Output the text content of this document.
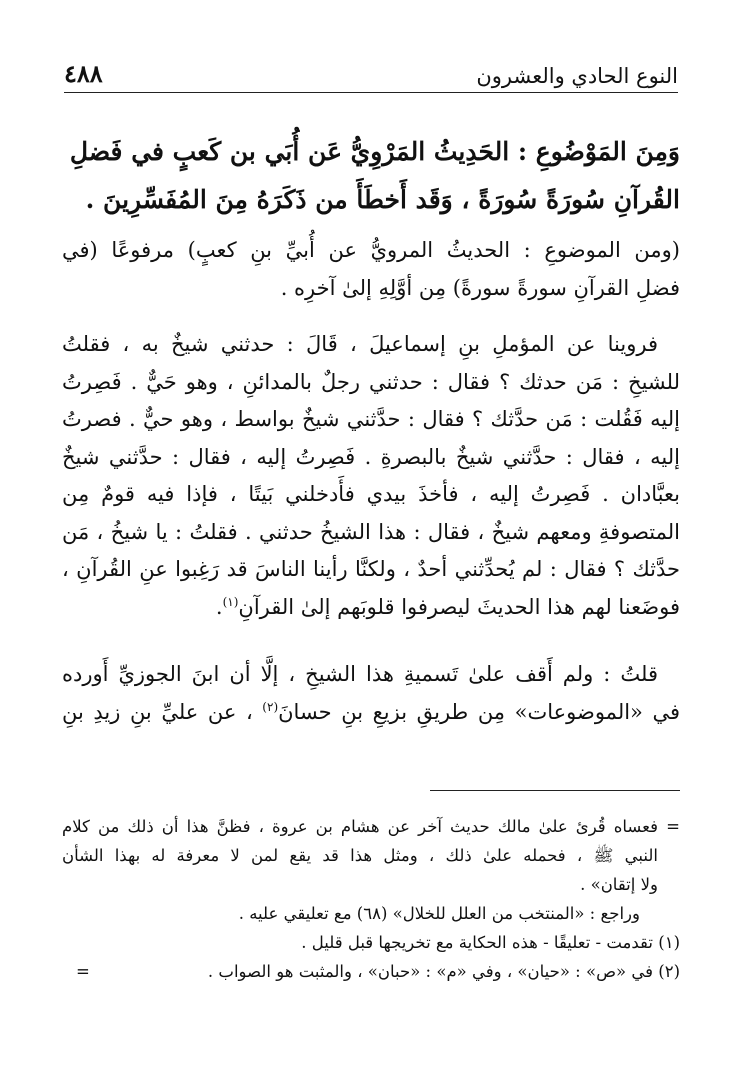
النوع الحادي والعشرون
٤٨٨
وَمِنَ المَوْضُوعِ : الحَدِيثُ المَرْوِيُّ عَن أُبَي بن كَعبٍ في فَضلِ
القُرآنِ سُورَةً سُورَةً ، وَقَد أَخطَأَ من ذَكَرَهُ مِنَ المُفَسِّرِينَ .
(ومن الموضوعِ : الحديثُ المرويُّ عن أُبيِّ بنِ كعبٍ) مرفوعًا (في
فضلِ القرآنِ سورةً سورةً) مِن أوَّلِهِ إلىٰ آخرِه .
فروينا عن المؤملِ بنِ إسماعيلَ ، قَالَ : حدثني شيخٌ به ، فقلتُ
للشيخِ : مَن حدثك ؟ فقال : حدثني رجلٌ بالمدائنِ ، وهو حَيٌّ . فَصِرتُ
إليه فَقُلت : مَن حدَّثك ؟ فقال : حدَّثني شيخٌ بواسط ، وهو حيٌّ . فصرتُ
إليه ، فقال : حدَّثني شيخٌ بالبصرةِ . فَصِرتُ إليه ، فقال : حدَّثني شيخٌ
بعبَّادان . فَصِرتُ إليه ، فأخذَ بيدي فأَدخلني بَيتًا ، فإذا فيه قومٌ مِن
المتصوفةِ ومعهم شيخٌ ، فقال : هذا الشيخُ حدثني . فقلتُ : يا شيخُ ، مَن
حدَّثك ؟ فقال : لم يُحدِّثني أحدٌ ، ولكنَّا رأينا الناسَ قد رَغِبوا عنِ القُرآنِ ،
فوضَعنا لهم هذا الحديثَ ليصرفوا قلوبَهم إلىٰ القرآنِ$^{(١)}$.
قلتُ : ولم أَقف علىٰ تَسميةِ هذا الشيخِ ، إلَّا أن ابنَ الجوزيِّ أَورده
في «الموضوعات» مِن طريقِ بزيعِ بنِ حسانَ$^{(٢)}$ ، عن عليِّ بنِ زيدِ بنِ
=
فعساه قُرئ علىٰ مالك حديث آخر عن هشام بن عروة ، فظنَّ هذا أن ذلك من كلام
النبي ﷺ ، فحمله علىٰ ذلك ، ومثل هذا قد يقع لمن لا معرفة له بهذا الشأن
ولا إتقان» .
وراجع : «المنتخب من العلل للخلال» (٦٨) مع تعليقي عليه .
(١) تقدمت - تعليقًا - هذه الحكاية مع تخريجها قبل قليل .
(٢) في «ص» : «حيان» ، وفي «م» : «حبان» ، والمثبت هو الصواب .
=
